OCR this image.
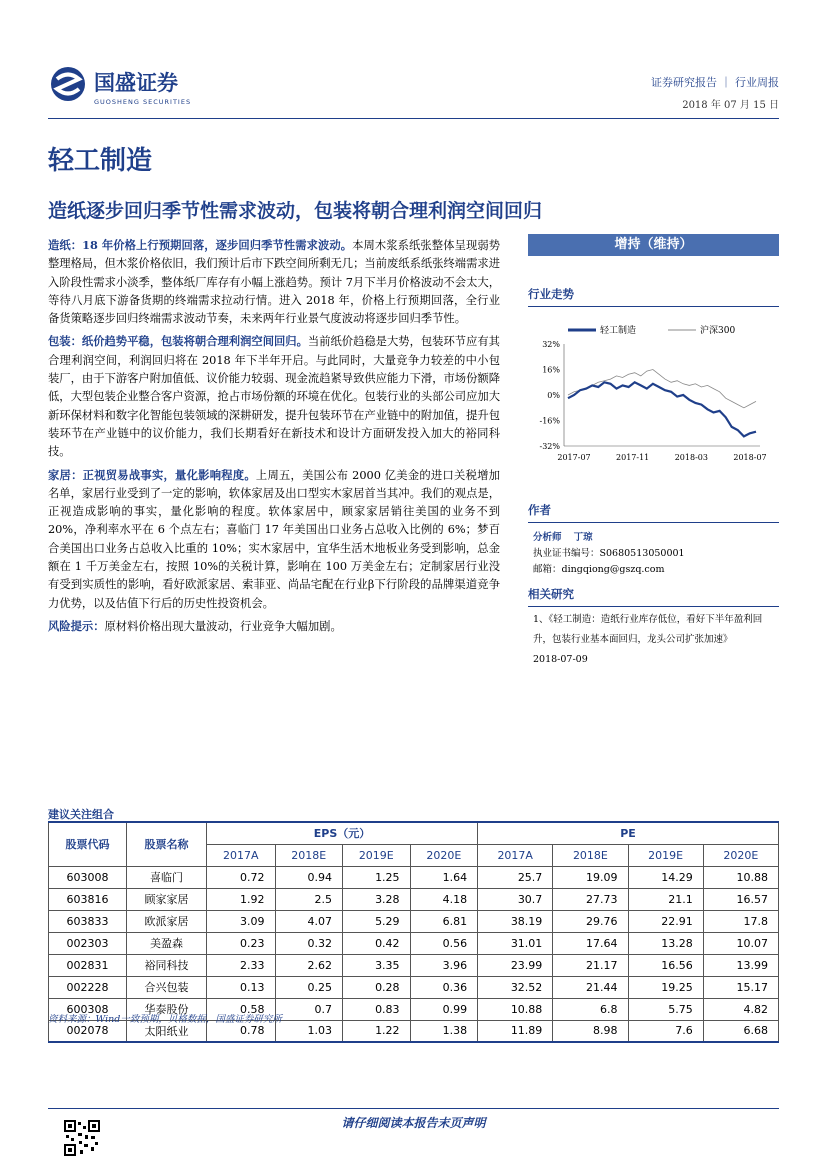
国盛证券
GUOSHENG SECURITIES
证券研究报告 ｜ 行业周报
2018 年 07 月 15 日
轻工制造
造纸逐步回归季节性需求波动，包装将朝合理利润空间回归

造纸：18 年价格上行预期回落，逐步回归季节性需求波动。本周木浆系纸张整体呈现弱势整理格局，但木浆价格依旧，我们预计后市下跌空间所剩无几；当前废纸系纸张终端需求进入阶段性需求小淡季，整体纸厂库存有小幅上涨趋势。预计 7月下半月价格波动不会太大，等待八月底下游备货期的终端需求拉动行情。进入 2018 年，价格上行预期回落，全行业备货策略逐步回归终端需求波动节奏，未来两年行业景气度波动将逐步回归季节性。

包装：纸价趋势平稳，包装将朝合理利润空间回归。当前纸价趋稳是大势，包装环节应有其合理利润空间，利润回归将在 2018 年下半年开启。与此同时，大量竞争力较差的中小包装厂，由于下游客户附加值低、议价能力较弱、现金流趋紧导致供应能力下滑，市场份额降低，大型包装企业整合客户资源，抢占市场份额的环境在优化。包装行业的头部公司应加大新环保材料和数字化智能包装领域的深耕研发，提升包装环节在产业链中的附加值，提升包装环节在产业链中的议价能力，我们长期看好在新技术和设计方面研发投入加大的裕同科技。

家居：正视贸易战事实，量化影响程度。上周五，美国公布 2000 亿美金的进口关税增加名单，家居行业受到了一定的影响，软体家居及出口型实木家居首当其冲。我们的观点是，正视造成影响的事实，量化影响的程度。软体家居中，顾家家居销往美国的业务不到 20%，净利率水平在 6 个点左右；喜临门 17 年美国出口业务占总收入比例的 6%；梦百合美国出口业务占总收入比重的 10%；实木家居中，宜华生活木地板业务受到影响，总金额在 1 千万美金左右，按照 10%的关税计算，影响在 100 万美金左右；定制家居行业没有受到实质性的影响，看好欧派家居、索菲亚、尚品宅配在行业β下行阶段的品牌渠道竞争力优势，以及估值下行后的历史性投资机会。

风险提示：原材料价格出现大量波动，行业竞争大幅加剧。

增持（维持）
行业走势
轻工制造	沪深300
32%
16%
0%
-16%
-32%
2017-07	2017-11	2018-03	2018-07
作者
分析师 丁琼
执业证书编号：S0680513050001
邮箱：dingqiong@gszq.com
相关研究
1、《轻工制造：造纸行业库存低位，看好下半年盈利回升，包装行业基本面回归，龙头公司扩张加速》
2018-07-09
建议关注组合
股票代码	股票名称	EPS（元）				PE			
		2017A	2018E	2019E	2020E	2017A	2018E	2019E	2020E
603008	喜临门	0.72	0.94	1.25	1.64	25.7	19.09	14.29	10.88
603816	顾家家居	1.92	2.5	3.28	4.18	30.7	27.73	21.1	16.57
603833	欧派家居	3.09	4.07	5.29	6.81	38.19	29.76	22.91	17.8
002303	美盈森	0.23	0.32	0.42	0.56	31.01	17.64	13.28	10.07
002831	裕同科技	2.33	2.62	3.35	3.96	23.99	21.17	16.56	13.99
002228	合兴包装	0.13	0.25	0.28	0.36	32.52	21.44	19.25	15.17
600308	华泰股份	0.58	0.7	0.83	0.99	10.88	6.8	5.75	4.82
002078	太阳纸业	0.78	1.03	1.22	1.38	11.89	8.98	7.6	6.68
资料来源：Wind一致预期，贝格数据，国盛证券研究所
请仔细阅读本报告末页声明
